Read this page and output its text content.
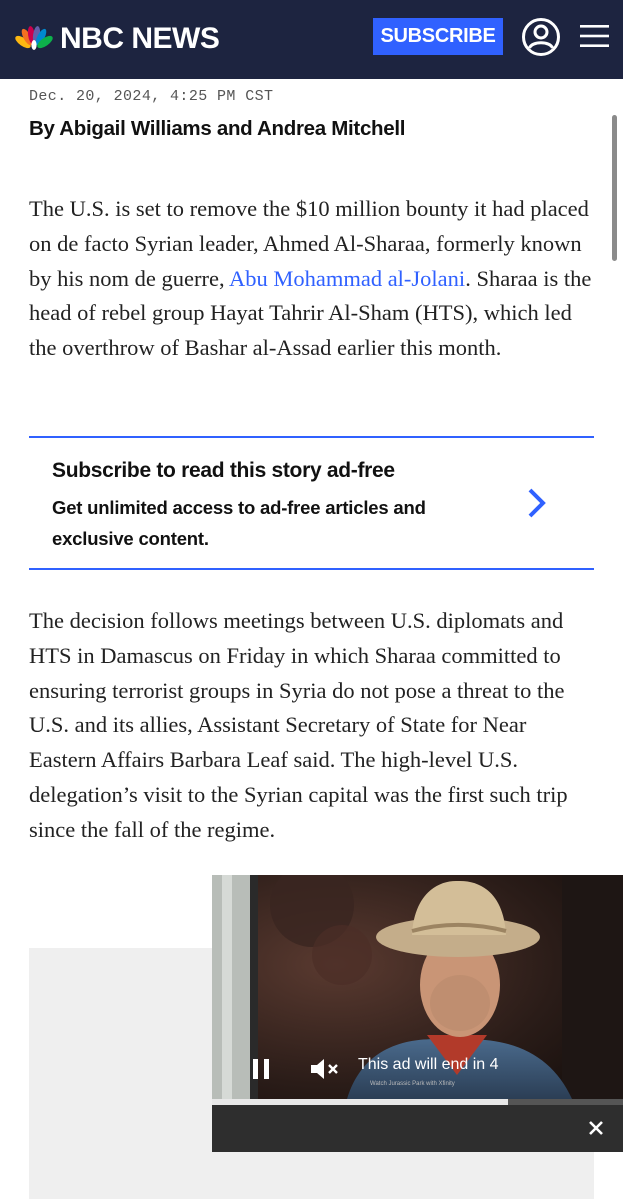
NBC NEWS	SUBSCRIBE
Dec. 20, 2024, 4:25 PM CST
By Abigail Williams and Andrea Mitchell

The U.S. is set to remove the $10 million bounty it had placed on de facto Syrian leader, Ahmed Al-Sharaa, formerly known by his nom de guerre, Abu Mohammad al-Jolani. Sharaa is the head of rebel group Hayat Tahrir Al-Sham (HTS), which led the overthrow of Bashar al-Assad earlier this month.

Subscribe to read this story ad-free
Get unlimited access to ad-free articles and exclusive content.

The decision follows meetings between U.S. diplomats and HTS in Damascus on Friday in which Sharaa committed to ensuring terrorist groups in Syria do not pose a threat to the U.S. and its allies, Assistant Secretary of State for Near Eastern Affairs Barbara Leaf said. The high-level U.S. delegation’s visit to the Syrian capital was the first such trip since the fall of the regime.

This ad will end in 4
Watch Jurassic Park with Xfinity
